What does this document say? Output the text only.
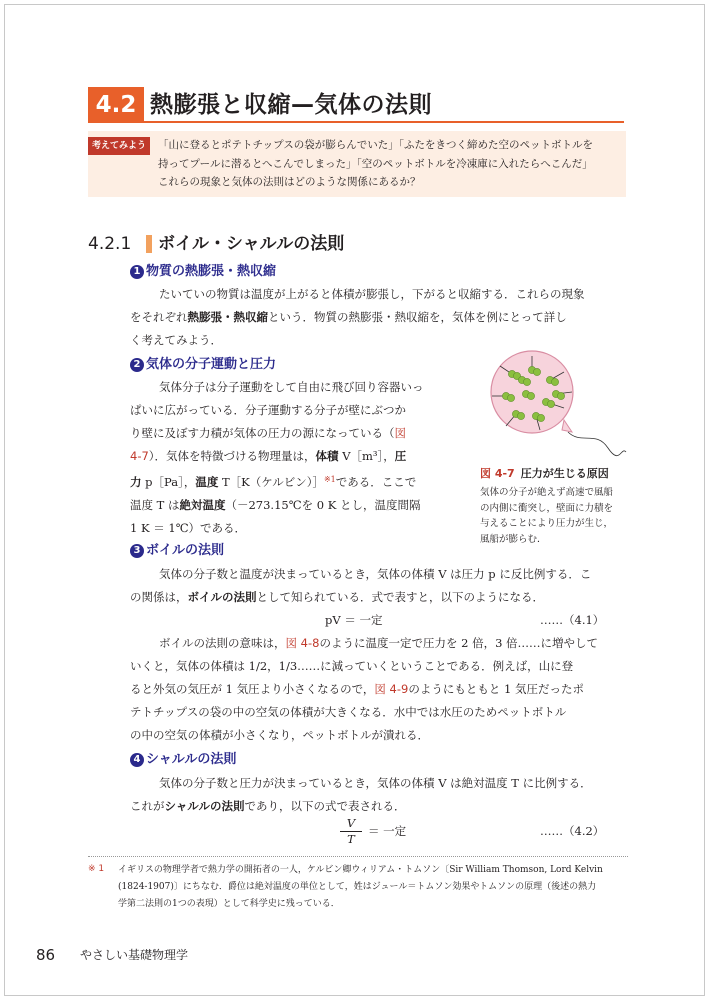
4.2 熱膨張と収縮—気体の法則
考えてみよう	「山に登るとポテトチップスの袋が膨らんでいた」「ふたをきつく締めた空のペットボトルを
持ってプールに潜るとへこんでしまった」「空のペットボトルを冷凍庫に入れたらへこんだ」
これらの現象と気体の法則はどのような関係にあるか？
4.2.1 ボイル・シャルルの法則
1 物質の熱膨張・熱収縮
たいていの物質は温度が上がると体積が膨張し，下がると収縮する．これらの現象
をそれぞれ熱膨張・熱収縮という．物質の熱膨張・熱収縮を，気体を例にとって詳し
く考えてみよう．
2 気体の分子運動と圧力
気体分子は分子運動をして自由に飛び回り容器いっ
ぱいに広がっている．分子運動する分子が壁にぶつか
り壁に及ぼす力積が気体の圧力の源になっている（図
4-7）．気体を特徴づける物理量は，体積 V［m³］，圧
力 p［Pa］，温度 T［K（ケルビン）］$^{※1}$である．ここで
温度 T は絶対温度（－273.15℃を 0 K とし，温度間隔
1 K ＝ 1℃）である．
図 4-7 圧力が生じる原因
気体の分子が絶えず高速で風船
の内側に衝突し，壁面に力積を
与えることにより圧力が生じ，
風船が膨らむ．
3 ボイルの法則
気体の分子数と温度が決まっているとき，気体の体積 V は圧力 p に反比例する．こ
の関係は，ボイルの法則として知られている．式で表すと，以下のようになる．
pV ＝ 一定	……（4.1）
ボイルの法則の意味は，図 4-8のように温度一定で圧力を 2 倍，3 倍……に増やして
いくと，気体の体積は 1/2，1/3……に減っていくということである．例えば，山に登
ると外気の気圧が 1 気圧より小さくなるので，図 4-9のようにもともと 1 気圧だったポ
テトチップスの袋の中の空気の体積が大きくなる．水中では水圧のためペットボトル
の中の空気の体積が小さくなり，ペットボトルが潰れる．
4 シャルルの法則
気体の分子数と圧力が決まっているとき，気体の体積 V は絶対温度 T に比例する．
これがシャルルの法則であり，以下の式で表される．
$\frac{V}{T}$ ＝ 一定	……（4.2）
※ 1 イギリスの物理学者で熱力学の開拓者の一人，ケルビン卿ウィリアム・トムソン〔Sir William Thomson, Lord Kelvin
(1824-1907)〕にちなむ．爵位は絶対温度の単位として，姓はジュール＝トムソン効果やトムソンの原理（後述の熱力
学第二法則の1つの表現）として科学史に残っている．
86 やさしい基礎物理学
